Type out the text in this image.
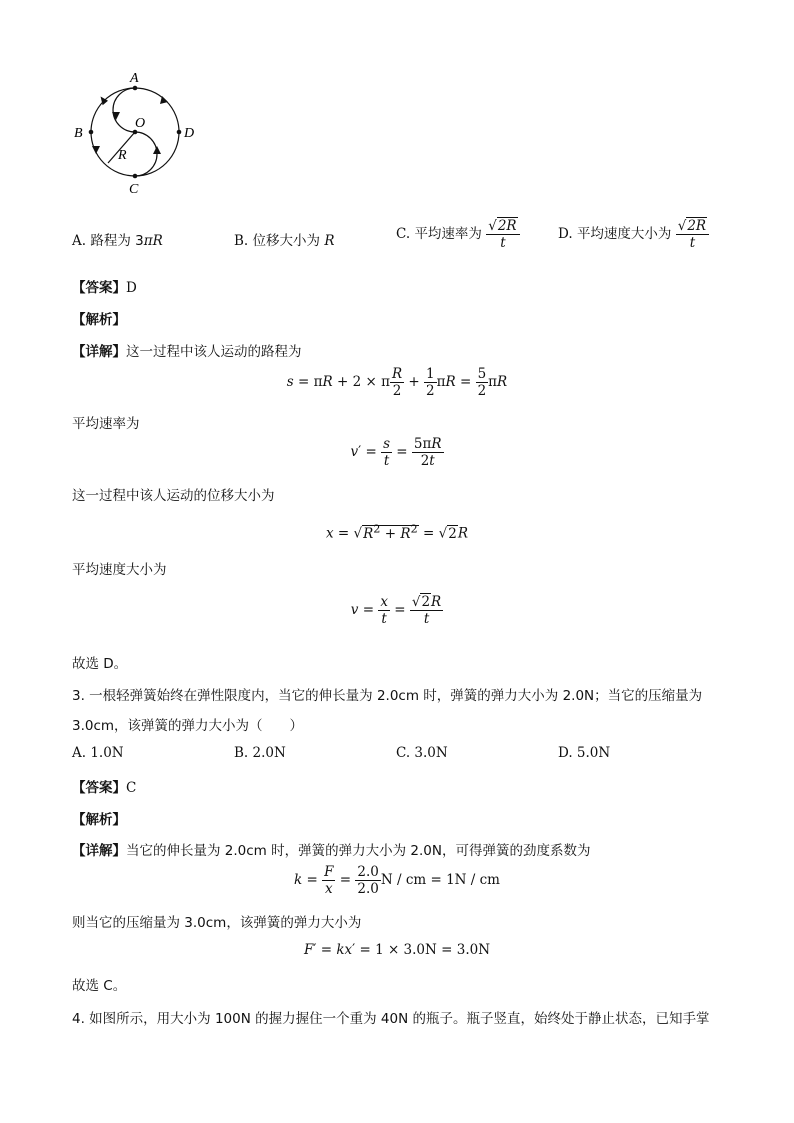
A
B
C
D
O
R
A. 路程为 3πR	B. 位移大小为 R	C. 平均速率为 $\frac{√2R}{t}$	D. 平均速度大小为 $\frac{√2R}{t}$
【答案】D
【解析】
【详解】这一过程中该人运动的路程为
s = πR + 2 × π $\frac{R}{2} + \frac{1}{2}$ $\pi R = \frac{5}{2}$ πR
平均速率为
$v' = \frac{s}{t} = \frac{5\pi R}{2t}$
这一过程中该人运动的位移大小为
$x = √R^2 + R^2 = √2R$
平均速度大小为
$v = \frac{x}{t} = \frac{√2R}{t}$
故选 D。
3. 一根轻弹簧始终在弹性限度内，当它的伸长量为 2.0cm 时，弹簧的弹力大小为 2.0N；当它的压缩量为
3.0cm，该弹簧的弹力大小为（　　）
A. 1.0N	B. 2.0N	C. 3.0N	D. 5.0N
【答案】C
【解析】
【详解】当它的伸长量为 2.0cm 时，弹簧的弹力大小为 2.0N，可得弹簧的劲度系数为
$k = \frac{F}{x} = \frac{2.0}{2.0}$ N / cm = 1N / cm
则当它的压缩量为 3.0cm，该弹簧的弹力大小为
F′ = kx′ = 1 × 3.0N = 3.0N
故选 C。
4. 如图所示，用大小为 100N 的握力握住一个重为 40N 的瓶子。瓶子竖直，始终处于静止状态，已知手掌
